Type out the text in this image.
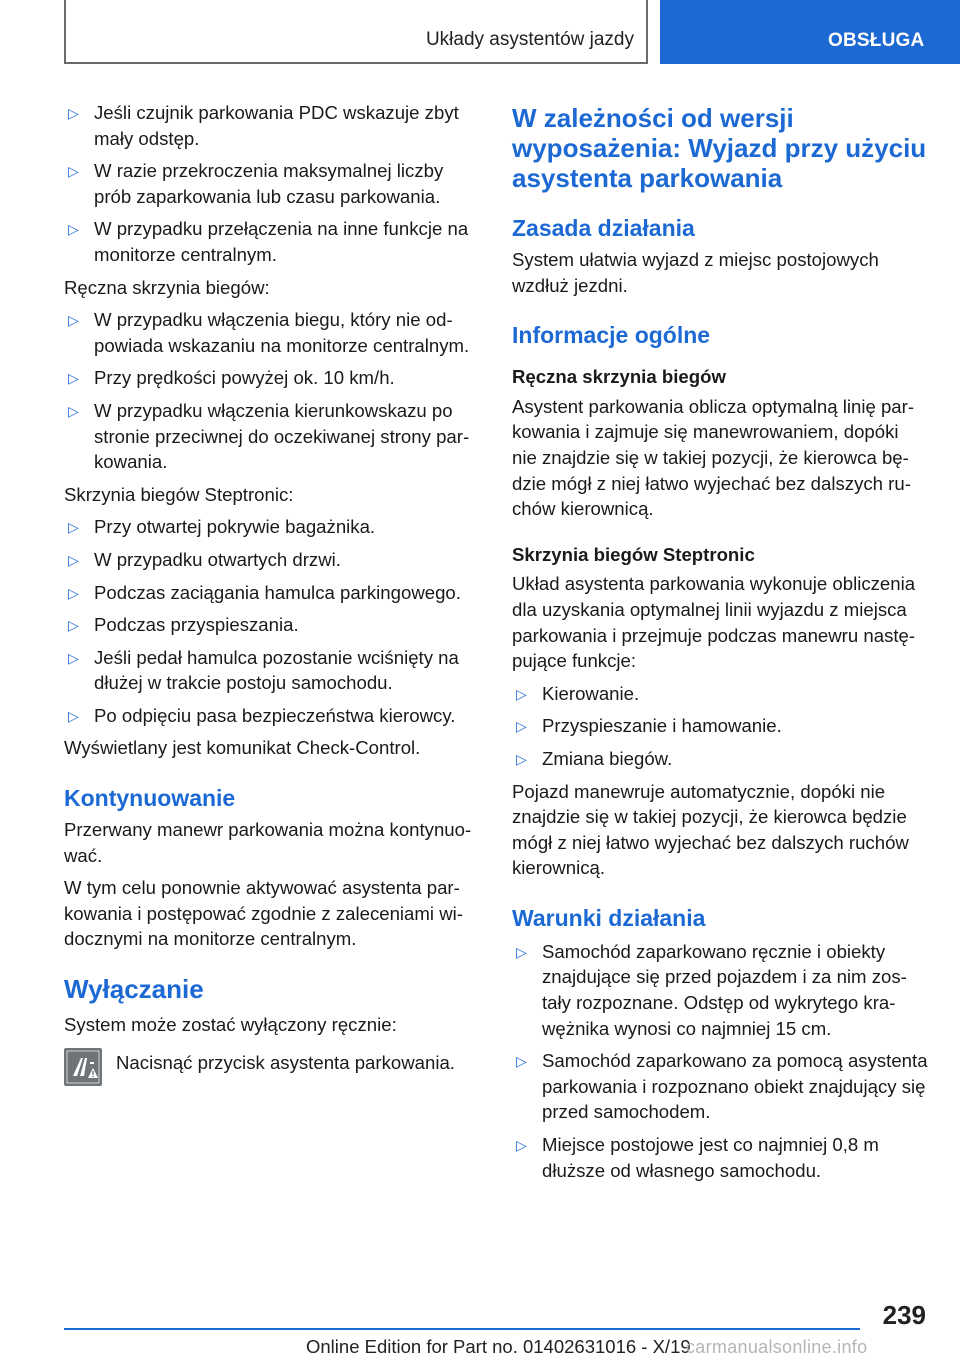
Układy asystentów jazdy	OBSŁUGA
▷ Jeśli czujnik parkowania PDC wskazuje zbyt mały odstęp.
▷ W razie przekroczenia maksymalnej liczby prób zaparkowania lub czasu parkowania.
▷ W przypadku przełączenia na inne funkcje na monitorze centralnym.

Ręczna skrzynia biegów:

▷ W przypadku włączenia biegu, który nie odpowiada wskazaniu na monitorze centralnym.
▷ Przy prędkości powyżej ok. 10 km/h.
▷ W przypadku włączenia kierunkowskazu po stronie przeciwnej do oczekiwanej strony parkowania.

Skrzynia biegów Steptronic:

▷ Przy otwartej pokrywie bagażnika.
▷ W przypadku otwartych drzwi.
▷ Podczas zaciągania hamulca parkingowego.
▷ Podczas przyspieszania.
▷ Jeśli pedał hamulca pozostanie wciśnięty na dłużej w trakcie postoju samochodu.
▷ Po odpięciu pasa bezpieczeństwa kierowcy.

Wyświetlany jest komunikat Check-Control.

Kontynuowanie

Przerwany manewr parkowania można kontynuować.

W tym celu ponownie aktywować asystenta parkowania i postępować zgodnie z zaleceniami widocznymi na monitorze centralnym.

Wyłączanie

System może zostać wyłączony ręcznie:

Nacisnąć przycisk asystenta parkowania.

W zależności od wersji wyposażenia: Wyjazd przy użyciu asystenta parkowania
Zasada działania

System ułatwia wyjazd z miejsc postojowych wzdłuż jezdni.

Informacje ogólne
Ręczna skrzynia biegów

Asystent parkowania oblicza optymalną linię parkowania i zajmuje się manewrowaniem, dopóki nie znajdzie się w takiej pozycji, że kierowca będzie mógł z niej łatwo wyjechać bez dalszych ruchów kierownicą.

Skrzynia biegów Steptronic

Układ asystenta parkowania wykonuje obliczenia dla uzyskania optymalnej linii wyjazdu z miejsca parkowania i przejmuje podczas manewru następujące funkcje:

▷ Kierowanie.
▷ Przyspieszanie i hamowanie.
▷ Zmiana biegów.

Pojazd manewruje automatycznie, dopóki nie znajdzie się w takiej pozycji, że kierowca będzie mógł z niej łatwo wyjechać bez dalszych ruchów kierownicą.

Warunki działania
▷ Samochód zaparkowano ręcznie i obiekty znajdujące się przed pojazdem i za nim zostały rozpoznane. Odstęp od wykrytego krawężnika wynosi co najmniej 15 cm.
▷ Samochód zaparkowano za pomocą asystenta parkowania i rozpoznano obiekt znajdujący się przed samochodem.
▷ Miejsce postojowe jest co najmniej 0,8 m dłuższe od własnego samochodu.
239
Online Edition for Part no. 01402631016 - X/19
carmanualsonline.info
